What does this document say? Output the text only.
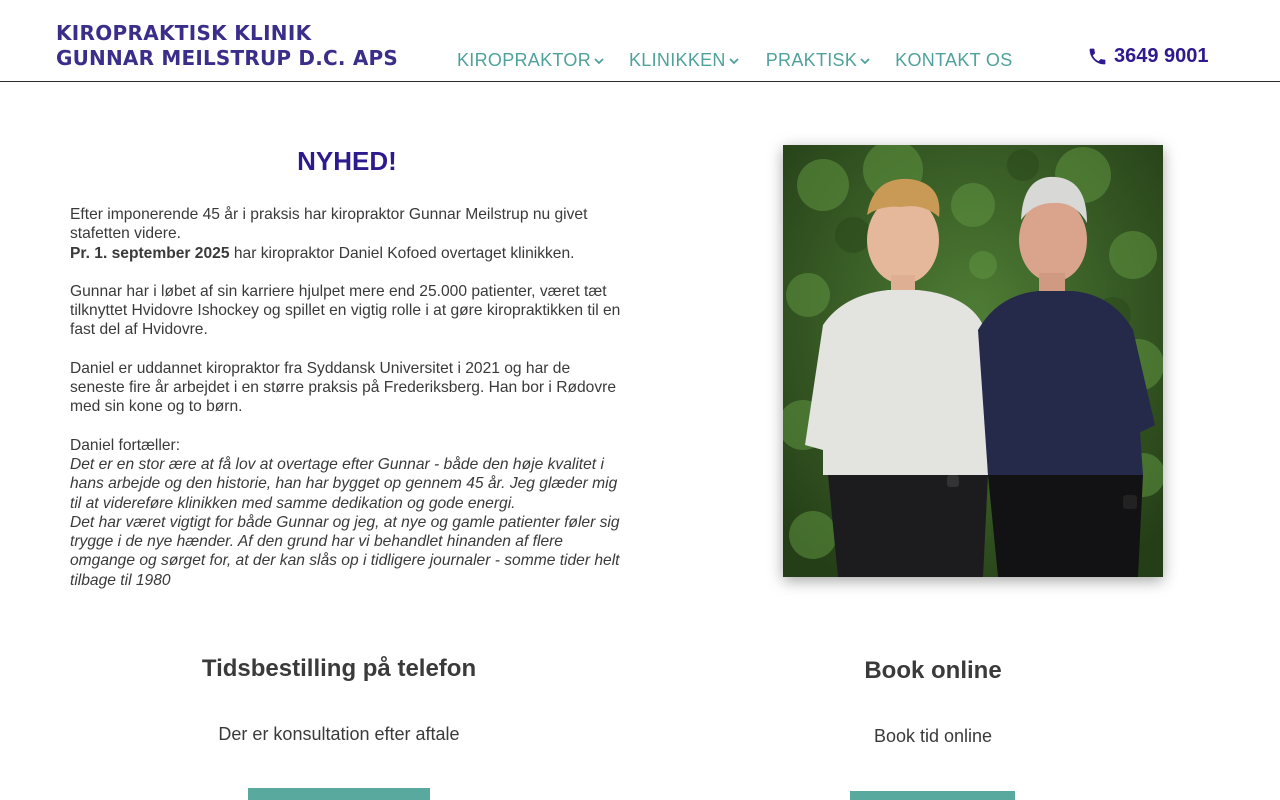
KIROPRAKTISK KLINIK
GUNNAR MEILSTRUP D.C. APS	KIROPRAKTOR KLINIKKEN PRAKTISK KONTAKT OS	3649 9001
NYHED!

Efter imponerende 45 år i praksis har kiropraktor Gunnar Meilstrup nu givet stafetten videre.

Pr. 1. september 2025 har kiropraktor Daniel Kofoed overtaget klinikken.

Gunnar har i løbet af sin karriere hjulpet mere end 25.000 patienter, været tæt tilknyttet Hvidovre Ishockey og spillet en vigtig rolle i at gøre kiropraktikken til en fast del af Hvidovre.

Daniel er uddannet kiropraktor fra Syddansk Universitet i 2021 og har de seneste fire år arbejdet i en større praksis på Frederiksberg. Han bor i Rødovre med sin kone og to børn.

Daniel fortæller:

Det er en stor ære at få lov at overtage efter Gunnar - både den høje kvalitet i hans arbejde og den historie, han har bygget op gennem 45 år. Jeg glæder mig til at videreføre klinikken med samme dedikation og gode energi.

Det har været vigtigt for både Gunnar og jeg, at nye og gamle patienter føler sig trygge i de nye hænder. Af den grund har vi behandlet hinanden af flere omgange og sørget for, at der kan slås op i tidligere journaler - somme tider helt tilbage til 1980

Tidsbestilling på telefon
Der er konsultation efter aftale
Book online
Book tid online
